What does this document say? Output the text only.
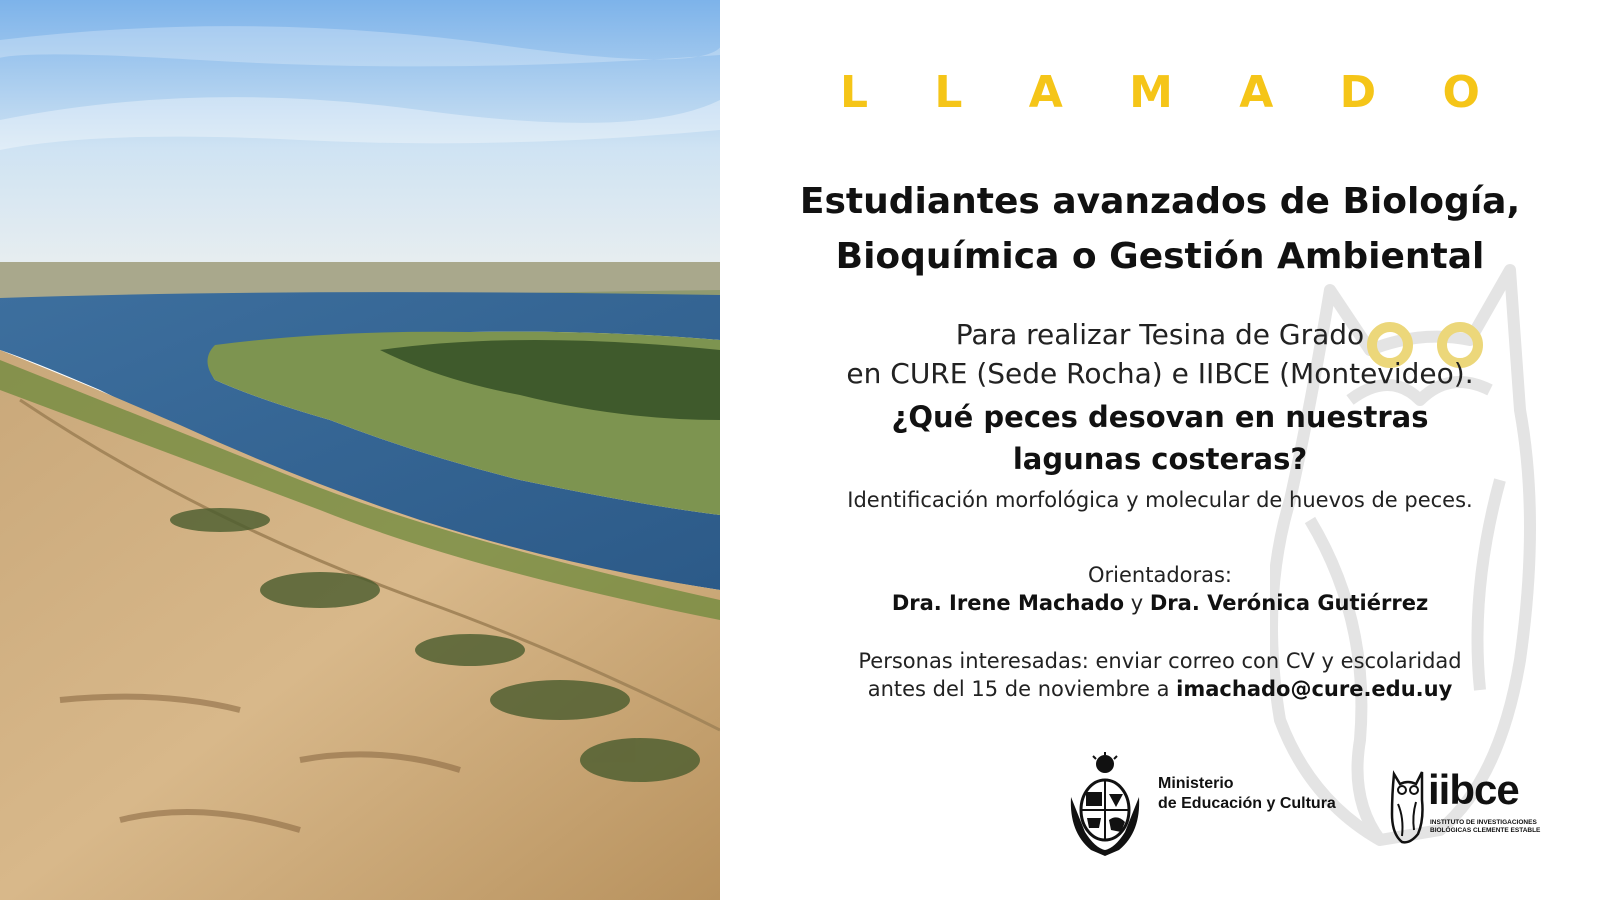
L L A M A D O
Estudiantes avanzados de Biología,
Bioquímica o Gestión Ambiental
Para realizar Tesina de Grado
en CURE (Sede Rocha) e IIBCE (Montevideo).
¿Qué peces desovan en nuestras
lagunas costeras?
Identificación morfológica y molecular de huevos de peces.
Orientadoras:
Dra. Irene Machado y Dra. Verónica Gutiérrez
Personas interesadas: enviar correo con CV y escolaridad
antes del 15 de noviembre a imachado@cure.edu.uy
Ministerio
de Educación y Cultura	iibce
INSTITUTO DE INVESTIGACIONES
BIOLÓGICAS CLEMENTE ESTABLE
